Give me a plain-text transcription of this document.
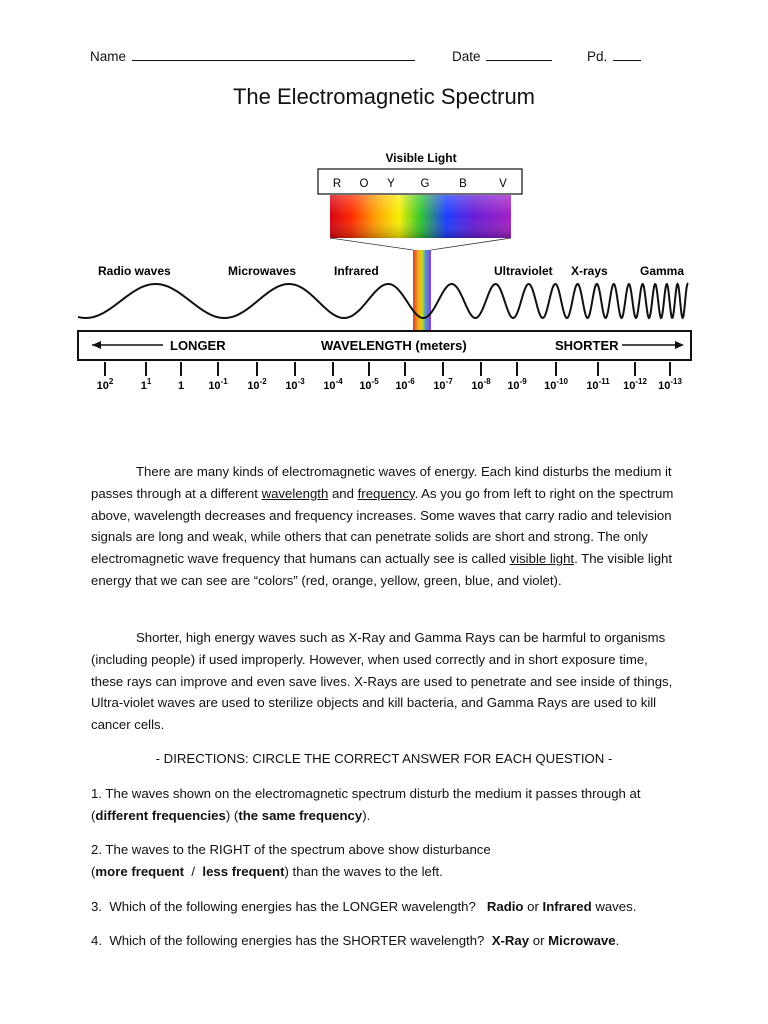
Name	Date	Pd.
The Electromagnetic Spectrum
Visible Light
R O Y G	B	V
Radio waves	Microwaves	Infrared	Ultraviolet X-rays	Gamma
LONGER	WAVELENGTH (meters)	SHORTER
$10^2$ $1^1$ 1 $10^{-1}$ $10^{-2}$ $10^{-3}$ $10^{-4}$ $10^{-5}$ $10^{-6}$ $10^{-7}$ $10^{-8}$ $10^{-9}$ $10^{-10}$ $10^{-11}$ $10^{-12}$ $10^{-13}$
There are many kinds of electromagnetic waves of energy. Each kind disturbs the medium it passes through at a different wavelength and frequency. As you go from left to right on the spectrum above, wavelength decreases and frequency increases. Some waves that carry radio and television signals are long and weak, while others that can penetrate solids are short and strong. The only electromagnetic wave frequency that humans can actually see is called visible light. The visible light energy that we can see are “colors” (red, orange, yellow, green, blue, and violet).
Shorter, high energy waves such as X-Ray and Gamma Rays can be harmful to organisms (including people) if used improperly. However, when used correctly and in short exposure time, these rays can improve and even save lives. X-Rays are used to penetrate and see inside of things, Ultra-violet waves are used to sterilize objects and kill bacteria, and Gamma Rays are used to kill cancer cells.
- DIRECTIONS: CIRCLE THE CORRECT ANSWER FOR EACH QUESTION -
1. The waves shown on the electromagnetic spectrum disturb the medium it passes through at
(different frequencies) (the same frequency).
2. The waves to the RIGHT of the spectrum above show disturbance
(more frequent  /  less frequent) than the waves to the left.
3.  Which of the following energies has the LONGER wavelength?   Radio or Infrared waves.
4.  Which of the following energies has the SHORTER wavelength?  X-Ray or Microwave.
